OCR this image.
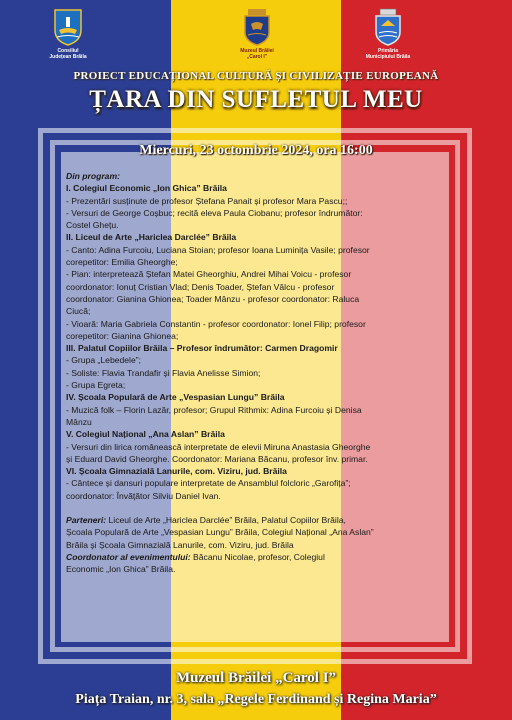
Consiliul
Județean Brăila
Muzeul Brăilei
„Carol I”
Primăria
Municipiului Brăila
PROIECT EDUCAȚIONAL CULTURĂ ȘI CIVILIZAȚIE EUROPEANĂ
ȚARA DIN SUFLETUL MEU
Miercuri, 23 octombrie 2024, ora 16:00
Din program:
I. Colegiul Economic „Ion Ghica” Brăila
- Prezentări susținute de profesor Ștefana Panait și profesor Mara Pascu;;
- Versuri de George Coșbuc; recită eleva Paula Ciobanu; profesor îndrumător:
Costel Ghețu.
II. Liceul de Arte „Hariclea Darclée” Brăila
- Canto: Adina Furcoiu, Luciana Stoian; profesor Ioana Luminița Vasile; profesor
corepetitor: Emilia Gheorghe;
- Pian: interpretează Ștefan Matei Gheorghiu, Andrei Mihai Voicu - profesor
coordonator: Ionuț Cristian Vlad; Denis Toader, Ștefan Vâlcu - profesor
coordonator: Gianina Ghionea; Toader Mânzu - profesor coordonator: Raluca
Ciucă;
- Vioară: Maria Gabriela Constantin - profesor coordonator: Ionel Filip; profesor
corepetitor: Gianina Ghionea;
III. Palatul Copiilor Brăila – Profesor îndrumător: Carmen Dragomir
- Grupa „Lebedele”;
- Soliste: Flavia Trandafir și Flavia Anelisse Simion;
- Grupa Egreta;
IV. Școala Populară de Arte „Vespasian Lungu” Brăila
- Muzică folk – Florin Lazăr, profesor; Grupul Rithmix: Adina Furcoiu și Denisa
Mânzu
V. Colegiul Național „Ana Aslan” Brăila
- Versuri din lirica românească interpretate de elevii Miruna Anastasia Gheorghe
și Eduard David Gheorghe. Coordonator: Mariana Băcanu, profesor înv. primar.
VI. Școala Gimnazială Lanurile, com. Viziru, jud. Brăila
- Cântece și dansuri populare interpretate de Ansamblul folcloric „Garofița”;
coordonator: Învățător Silviu Daniel Ivan.
Parteneri: Liceul de Arte „Hariclea Darclée” Brăila, Palatul Copiilor Brăila,
Școala Populară de Arte „Vespasian Lungu” Brăila, Colegiul Național „Ana Aslan”
Brăila și Școala Gimnazială Lanurile, com. Viziru, jud. Brăila
Coordonator al evenimentului: Băcanu Nicolae, profesor, Colegiul
Economic „Ion Ghica” Brăila.
Muzeul Brăilei „Carol I”
Piața Traian, nr. 3, sala „Regele Ferdinand și Regina Maria”
